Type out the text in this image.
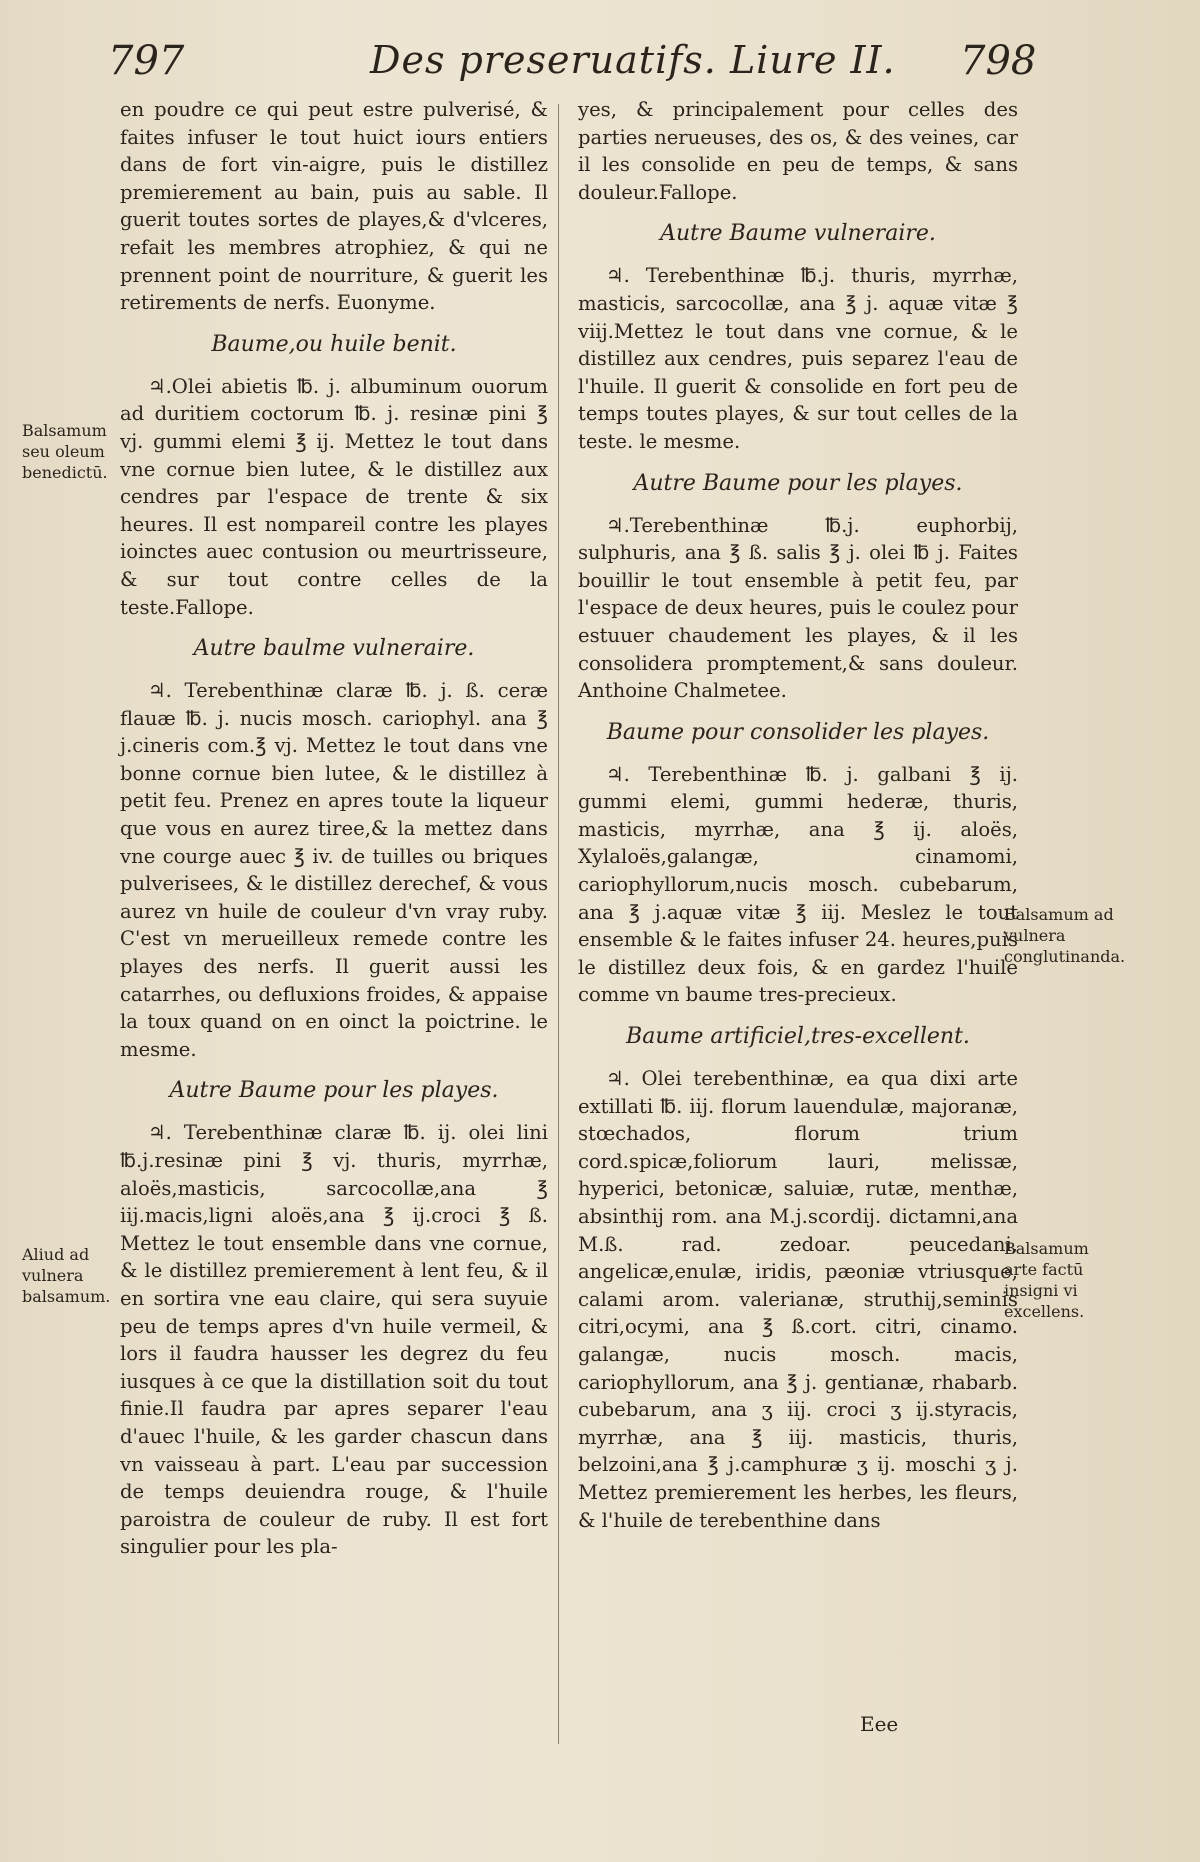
797	Des preseruatifs. Liure II. 798

en poudre ce qui peut estre pulverisé, & faites infuser le tout huict iours entiers dans de fort vin-aigre, puis le distillez premierement au bain, puis au sable. Il guerit toutes sortes de playes,& d'vlceres, refait les membres atrophiez, & qui ne prennent point de nourriture, & guerit les retirements de nerfs. Euonyme.

Baume,ou huile benit.

♃.Olei abietis ℔. j. albuminum ouorum ad duritiem coctorum ℔. j. resinæ pini ℥ vj. gummi elemi ℥ ij. Mettez le tout dans vne cornue bien lutee, & le distillez aux cendres par l'espace de trente & six heures. Il est nompareil contre les playes ioinctes auec contusion ou meurtrisseure, & sur tout contre celles de la teste.Fallope.

Autre baulme vulneraire.

♃. Terebenthinæ claræ ℔. j. ß. ceræ flauæ ℔. j. nucis mosch. cariophyl. ana ℥ j.cineris com.℥ vj. Mettez le tout dans vne bonne cornue bien lutee, & le distillez à petit feu. Prenez en apres toute la liqueur que vous en aurez tiree,& la mettez dans vne courge auec ℥ iv. de tuilles ou briques pulverisees, & le distillez derechef, & vous aurez vn huile de couleur d'vn vray ruby. C'est vn merueilleux remede contre les playes des nerfs. Il guerit aussi les catarrhes, ou defluxions froides, & appaise la toux quand on en oinct la poictrine. le mesme.

Autre Baume pour les playes.

♃. Terebenthinæ claræ ℔. ij. olei lini ℔.j.resinæ pini ℥ vj. thuris, myrrhæ, aloës,masticis, sarcocollæ,ana ℥ iij.macis,ligni aloës,ana ℥ ij.croci ℥ ß. Mettez le tout ensemble dans vne cornue, & le distillez premierement à lent feu, & il en sortira vne eau claire, qui sera suyuie peu de temps apres d'vn huile vermeil, & lors il faudra hausser les degrez du feu iusques à ce que la distillation soit du tout finie.Il faudra par apres separer l'eau d'auec l'huile, & les garder chascun dans vn vaisseau à part. L'eau par succession de temps deuiendra rouge, & l'huile paroistra de couleur de ruby. Il est fort singulier pour les pla-

yes, & principalement pour celles des parties nerueuses, des os, & des veines, car il les consolide en peu de temps, & sans douleur.Fallope.

Autre Baume vulneraire.

♃. Terebenthinæ ℔.j. thuris, myrrhæ, masticis, sarcocollæ, ana ℥ j. aquæ vitæ ℥ viij.Mettez le tout dans vne cornue, & le distillez aux cendres, puis separez l'eau de l'huile. Il guerit & consolide en fort peu de temps toutes playes, & sur tout celles de la teste. le mesme.

Autre Baume pour les playes.

♃.Terebenthinæ ℔.j. euphorbij, sulphuris, ana ℥ ß. salis ℥ j. olei ℔ j. Faites bouillir le tout ensemble à petit feu, par l'espace de deux heures, puis le coulez pour estuuer chaudement les playes, & il les consolidera promptement,& sans douleur. Anthoine Chalmetee.

Baume pour consolider les playes.

♃. Terebenthinæ ℔. j. galbani ℥ ij. gummi elemi, gummi hederæ, thuris, masticis, myrrhæ, ana ℥ ij. aloës, Xylaloës,galangæ, cinamomi, cariophyllorum,nucis mosch. cubebarum, ana ℥ j.aquæ vitæ ℥ iij. Meslez le tout ensemble & le faites infuser 24. heures,puis le distillez deux fois, & en gardez l'huile comme vn baume tres-precieux.

Baume artificiel,tres-excellent.

♃. Olei terebenthinæ, ea qua dixi arte extillati ℔. iij. florum lauendulæ, majoranæ, stœchados, florum trium cord.spicæ,foliorum lauri, melissæ, hyperici, betonicæ, saluiæ, rutæ, menthæ, absinthij rom. ana M.j.scordij. dictamni,ana M.ß. rad. zedoar. peucedani, angelicæ,enulæ, iridis, pæoniæ vtriusque, calami arom. valerianæ, struthij,seminis citri,ocymi, ana ℥ ß.cort. citri, cinamo. galangæ, nucis mosch. macis, cariophyllorum, ana ℥ j. gentianæ, rhabarb. cubebarum, ana ʒ iij. croci ʒ ij.styracis, myrrhæ, ana ℥ iij. masticis, thuris, belzoini,ana ℥ j.camphuræ ʒ ij. moschi ʒ j. Mettez premierement les herbes, les fleurs, & l'huile de terebenthine dans

Balsamum seu oleum benedictū.
Aliud ad vulnera balsamum.
Balsamum ad vulnera conglutinanda.
Balsamum arte factū insigni vi excellens.
Eee
